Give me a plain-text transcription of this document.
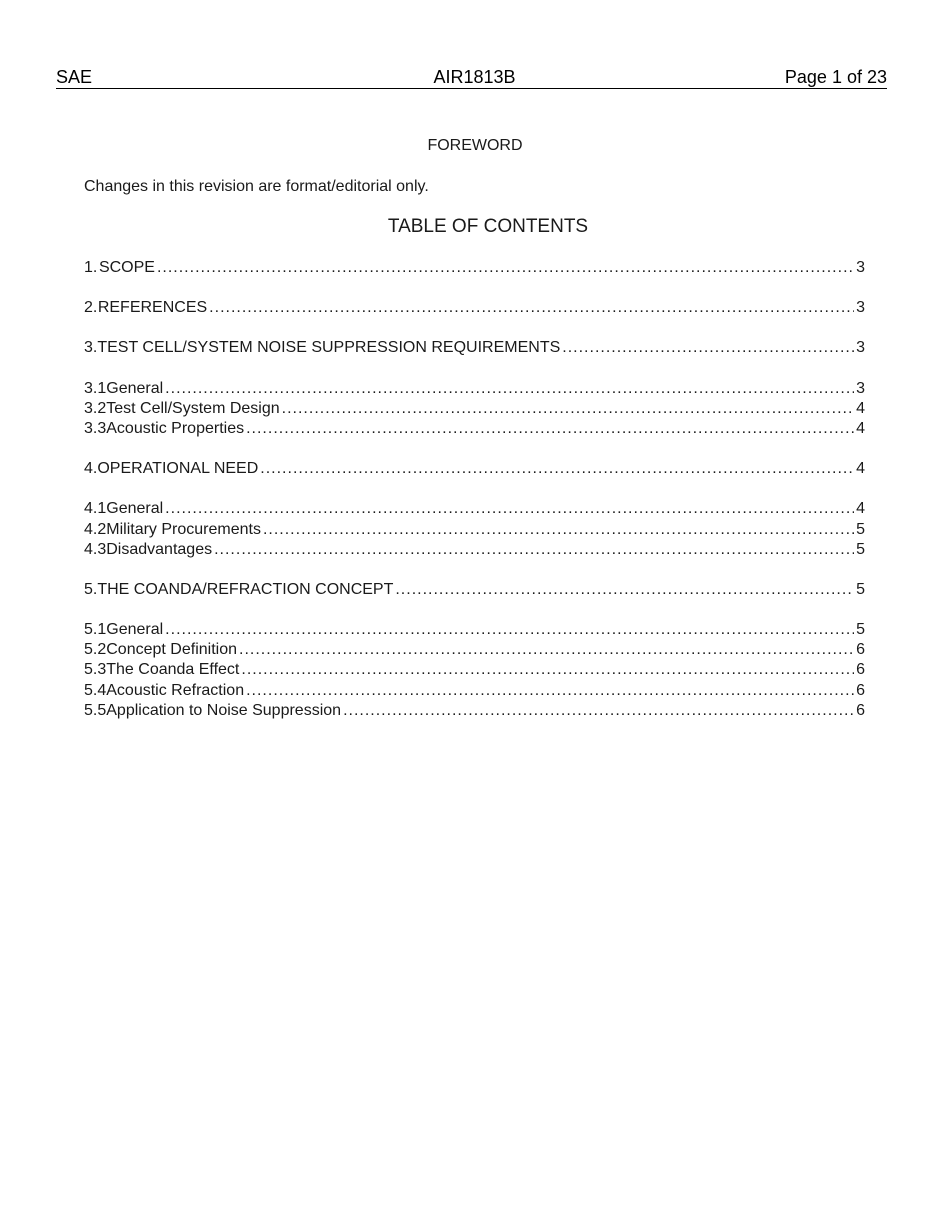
SAE	AIR1813B	Page 1 of 23
FOREWORD
Changes in this revision are format/editorial only.
TABLE OF CONTENTS
1. SCOPE .....	3
2. REFERENCES .....	3
3. TEST CELL/SYSTEM NOISE SUPPRESSION REQUIREMENTS .....	3
3.1 General .....	3
3.2 Test Cell/System Design .....	4
3.3 Acoustic Properties .....	4
4. OPERATIONAL NEED .....	4
4.1 General .....	4
4.2 Military Procurements .....	5
4.3 Disadvantages .....	5
5. THE COANDA/REFRACTION CONCEPT .....	5
5.1 General .....	5
5.2 Concept Definition .....	6
5.3 The Coanda Effect .....	6
5.4 Acoustic Refraction .....	6
5.5 Application to Noise Suppression .....	6
